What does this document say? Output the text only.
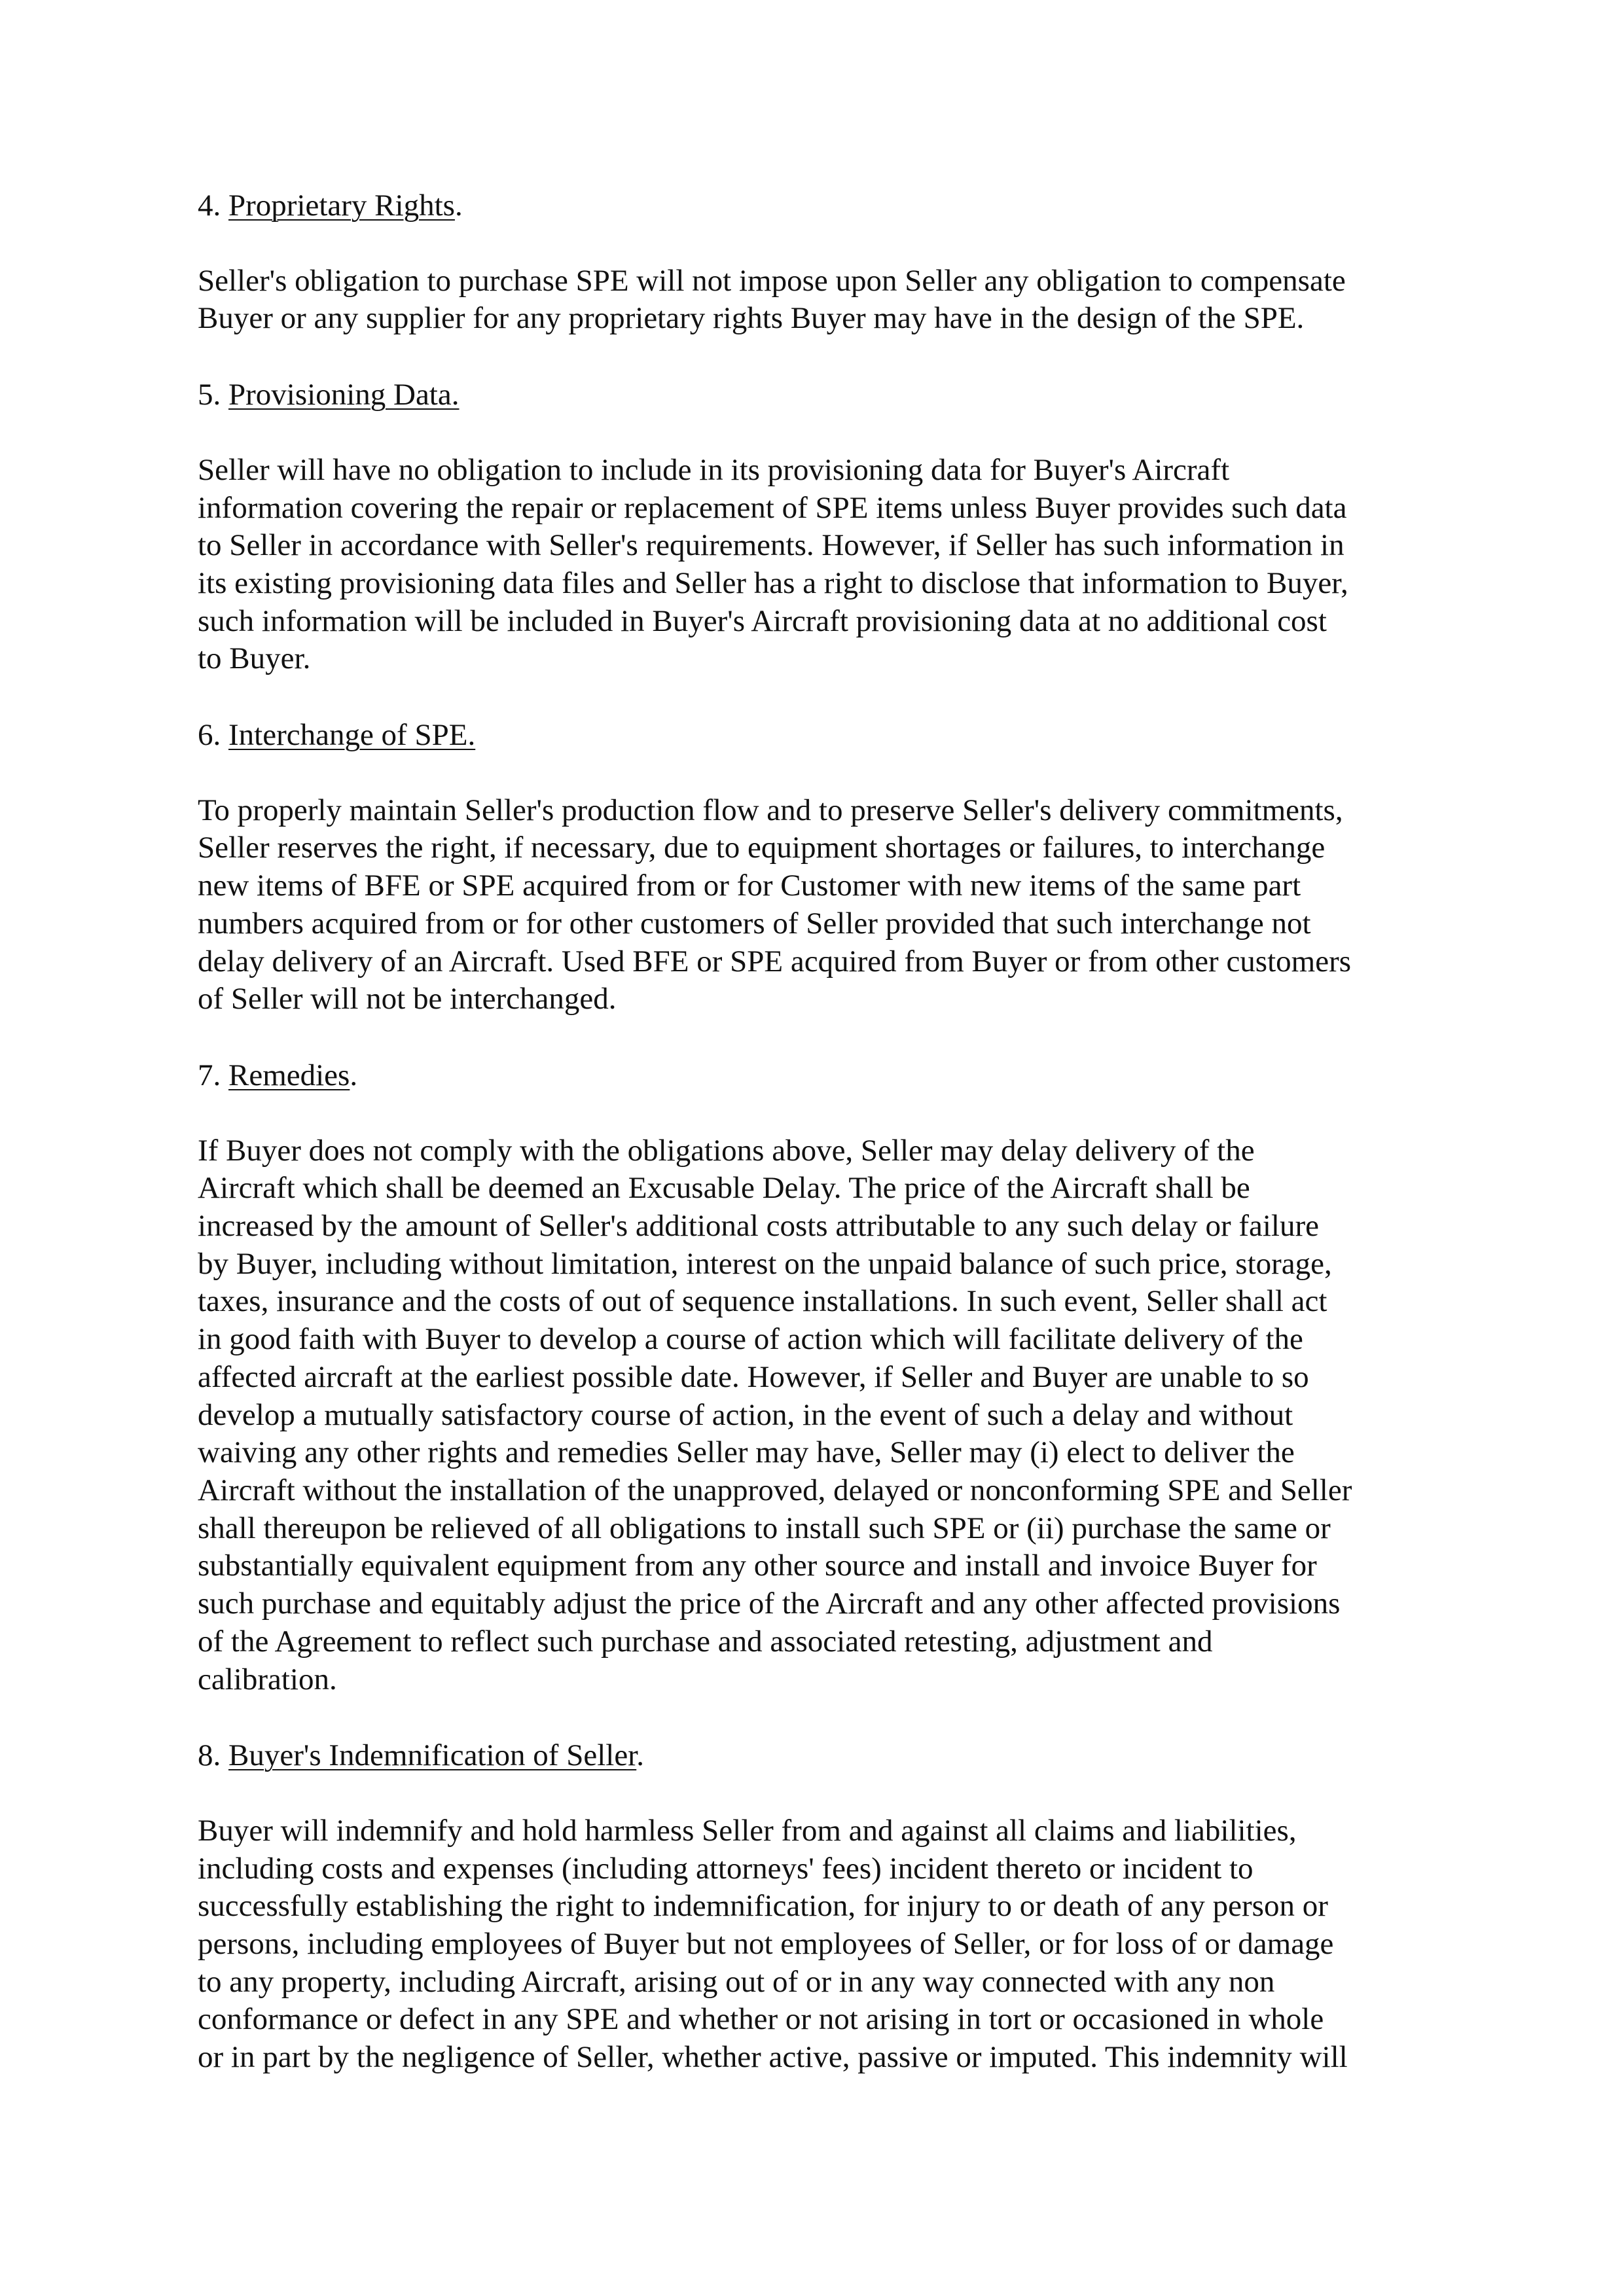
4. Proprietary Rights.

Seller's obligation to purchase SPE will not impose upon Seller any obligation to compensate
Buyer or any supplier for any proprietary rights Buyer may have in the design of the SPE.

5. Provisioning Data.

Seller will have no obligation to include in its provisioning data for Buyer's Aircraft
information covering the repair or replacement of SPE items unless Buyer provides such data
to Seller in accordance with Seller's requirements. However, if Seller has such information in
its existing provisioning data files and Seller has a right to disclose that information to Buyer,
such information will be included in Buyer's Aircraft provisioning data at no additional cost
to Buyer.

6. Interchange of SPE.

To properly maintain Seller's production flow and to preserve Seller's delivery commitments,
Seller reserves the right, if necessary, due to equipment shortages or failures, to interchange
new items of BFE or SPE acquired from or for Customer with new items of the same part
numbers acquired from or for other customers of Seller provided that such interchange not
delay delivery of an Aircraft. Used BFE or SPE acquired from Buyer or from other customers
of Seller will not be interchanged.

7. Remedies.

If Buyer does not comply with the obligations above, Seller may delay delivery of the
Aircraft which shall be deemed an Excusable Delay. The price of the Aircraft shall be
increased by the amount of Seller's additional costs attributable to any such delay or failure
by Buyer, including without limitation, interest on the unpaid balance of such price, storage,
taxes, insurance and the costs of out of sequence installations. In such event, Seller shall act
in good faith with Buyer to develop a course of action which will facilitate delivery of the
affected aircraft at the earliest possible date. However, if Seller and Buyer are unable to so
develop a mutually satisfactory course of action, in the event of such a delay and without
waiving any other rights and remedies Seller may have, Seller may (i) elect to deliver the
Aircraft without the installation of the unapproved, delayed or nonconforming SPE and Seller
shall thereupon be relieved of all obligations to install such SPE or (ii) purchase the same or
substantially equivalent equipment from any other source and install and invoice Buyer for
such purchase and equitably adjust the price of the Aircraft and any other affected provisions
of the Agreement to reflect such purchase and associated retesting, adjustment and
calibration.

8. Buyer's Indemnification of Seller.

Buyer will indemnify and hold harmless Seller from and against all claims and liabilities,
including costs and expenses (including attorneys' fees) incident thereto or incident to
successfully establishing the right to indemnification, for injury to or death of any person or
persons, including employees of Buyer but not employees of Seller, or for loss of or damage
to any property, including Aircraft, arising out of or in any way connected with any non
conformance or defect in any SPE and whether or not arising in tort or occasioned in whole
or in part by the negligence of Seller, whether active, passive or imputed. This indemnity will
